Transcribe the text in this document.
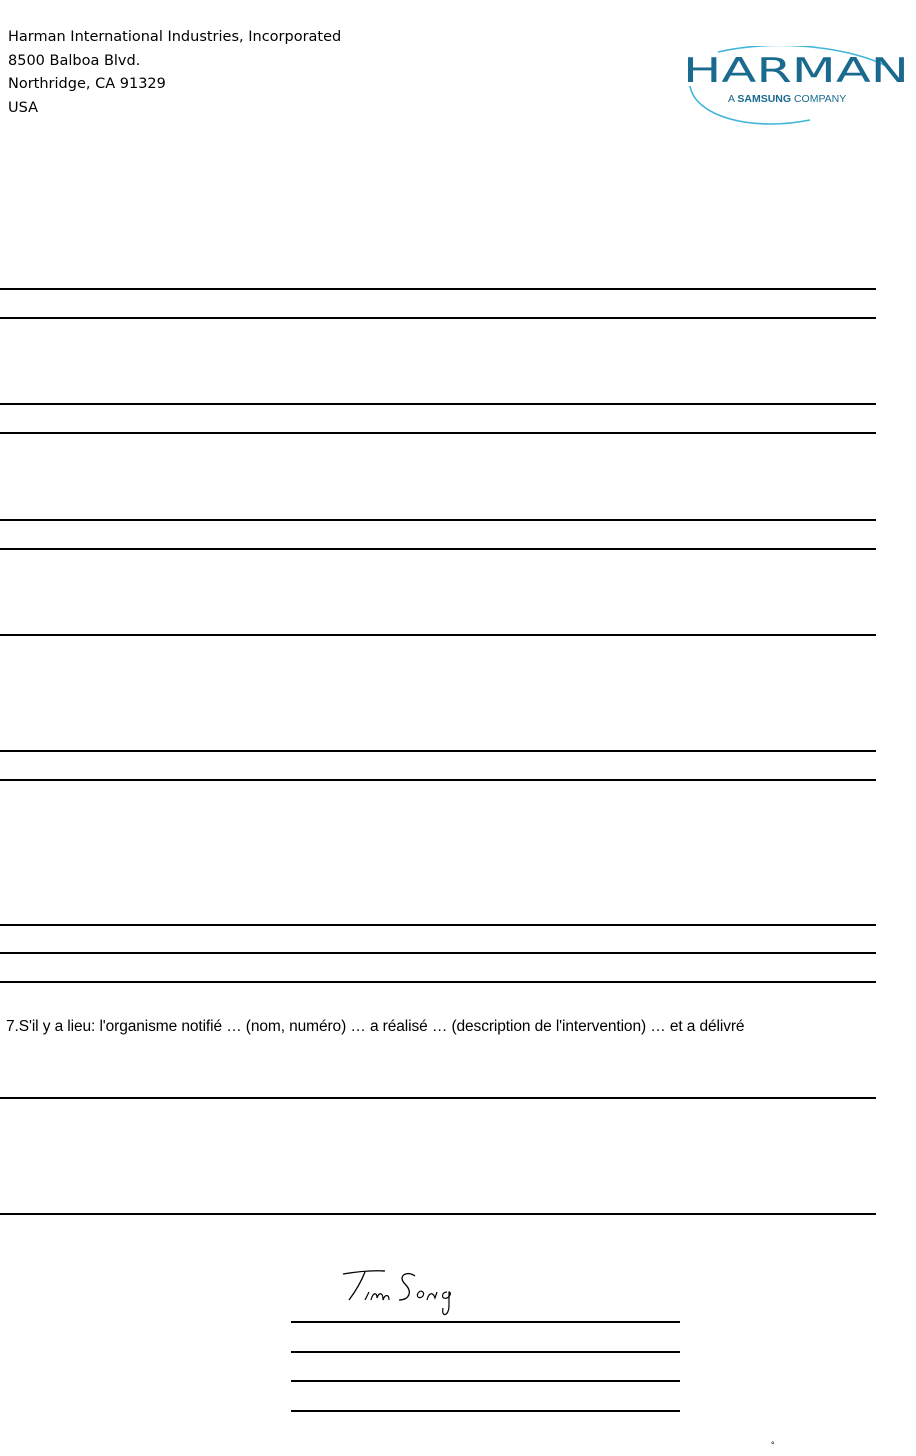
Harman International Industries, Incorporated
8500 Balboa Blvd.
Northridge, CA 91329
USA
HARMAN
A SAMSUNG COMPANY
7.S'il y a lieu: l'organisme notifié … (nom, numéro) … a réalisé … (description de l'intervention) … et a délivré
°
